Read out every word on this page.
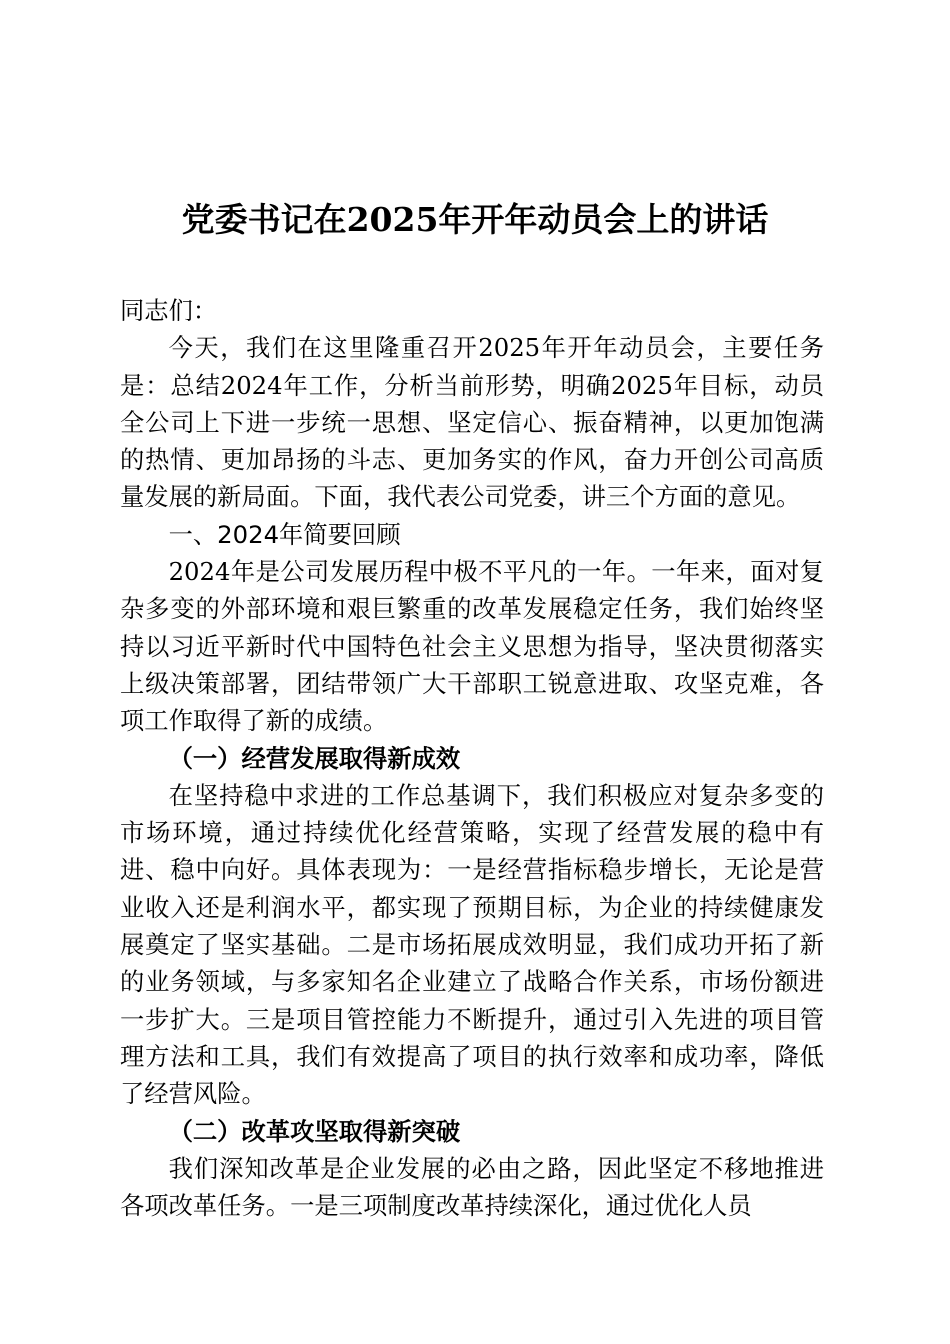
党委书记在2025年开年动员会上的讲话

同志们：

今天，我们在这里隆重召开2025年开年动员会，主要任务是：总结2024年工作，分析当前形势，明确2025年目标，动员全公司上下进一步统一思想、坚定信心、振奋精神，以更加饱满的热情、更加昂扬的斗志、更加务实的作风，奋力开创公司高质量发展的新局面。下面，我代表公司党委，讲三个方面的意见。

一、2024年简要回顾

2024年是公司发展历程中极不平凡的一年。一年来，面对复杂多变的外部环境和艰巨繁重的改革发展稳定任务，我们始终坚持以习近平新时代中国特色社会主义思想为指导，坚决贯彻落实上级决策部署，团结带领广大干部职工锐意进取、攻坚克难，各项工作取得了新的成绩。

（一）经营发展取得新成效

在坚持稳中求进的工作总基调下，我们积极应对复杂多变的市场环境，通过持续优化经营策略，实现了经营发展的稳中有进、稳中向好。具体表现为：一是经营指标稳步增长，无论是营业收入还是利润水平，都实现了预期目标，为企业的持续健康发展奠定了坚实基础。二是市场拓展成效明显，我们成功开拓了新的业务领域，与多家知名企业建立了战略合作关系，市场份额进一步扩大。三是项目管控能力不断提升，通过引入先进的项目管理方法和工具，我们有效提高了项目的执行效率和成功率，降低了经营风险。

（二）改革攻坚取得新突破

我们深知改革是企业发展的必由之路，因此坚定不移地推进各项改革任务。一是三项制度改革持续深化，通过优化人员
